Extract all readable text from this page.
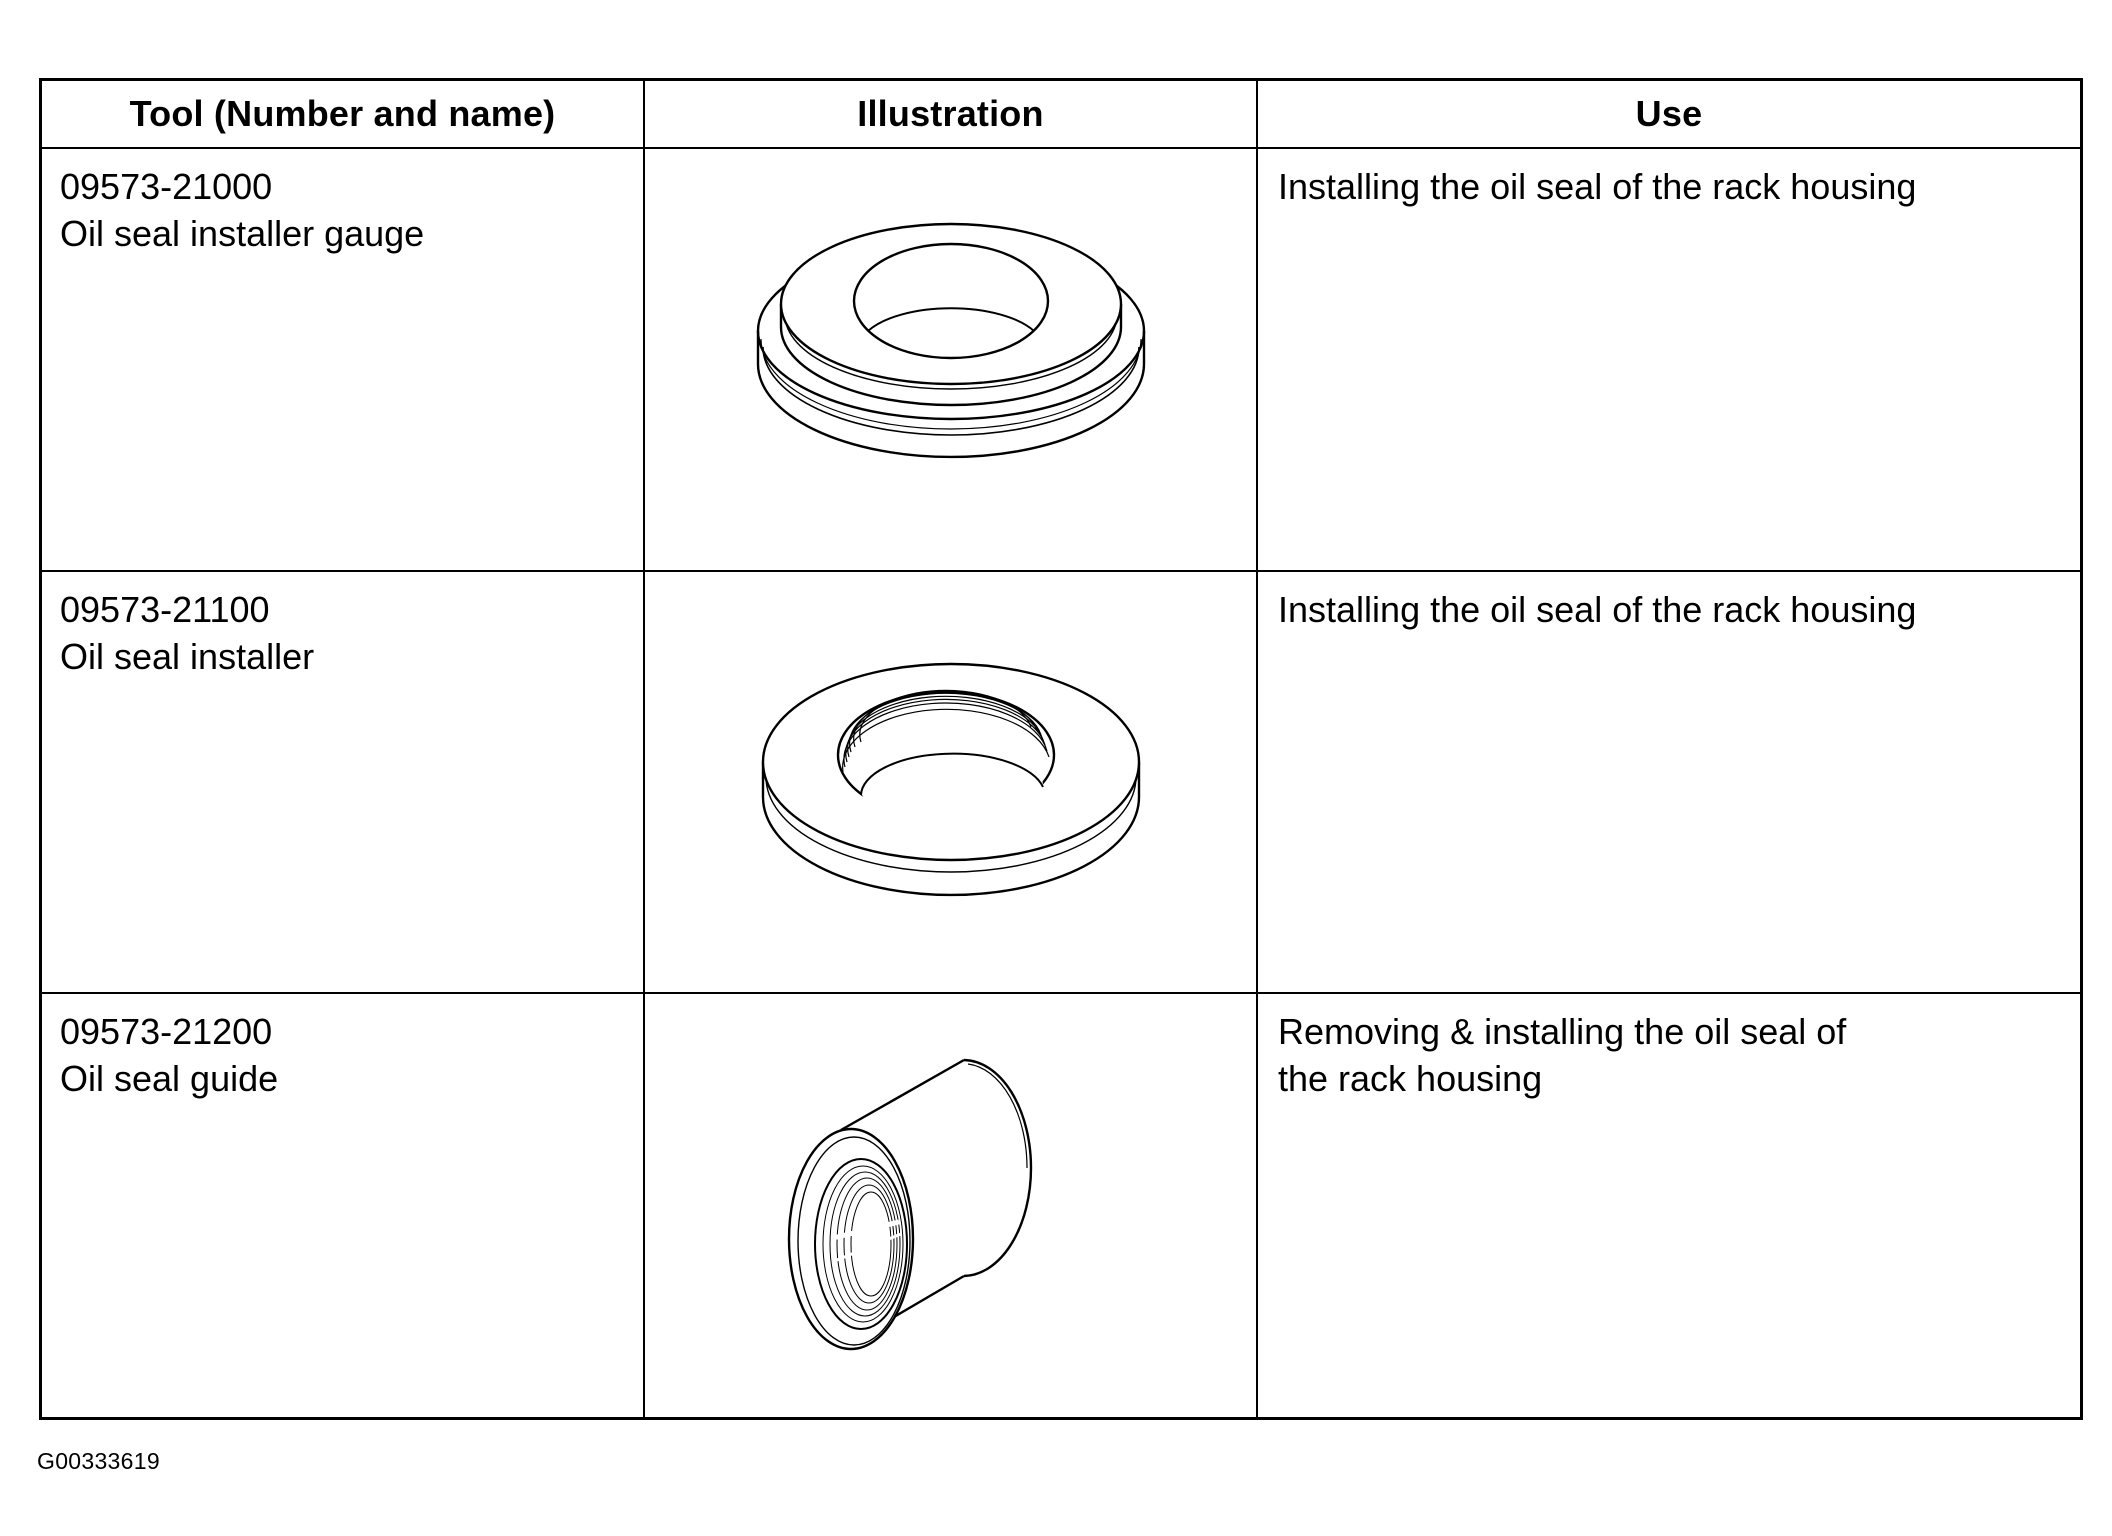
Tool (Number and name)	Illustration	Use
09573-21000
Oil seal installer gauge
Installing the oil seal of the rack housing
09573-21100
Oil seal installer
Installing the oil seal of the rack housing
09573-21200
Oil seal guide
Removing & installing the oil seal of
the rack housing
G00333619
